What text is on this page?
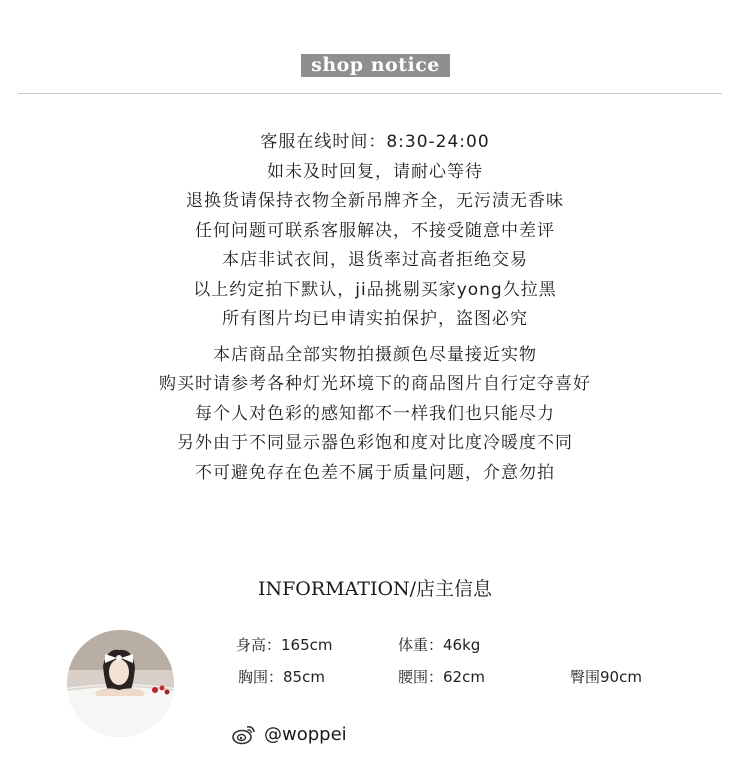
shop notice
客服在线时间：8:30-24:00
如未及时回复，请耐心等待
退换货请保持衣物全新吊牌齐全，无污渍无香味
任何问题可联系客服解决，不接受随意中差评
本店非试衣间，退货率过高者拒绝交易
以上约定拍下默认，ji品挑剔买家yong久拉黑
所有图片均已申请实拍保护，盗图必究
本店商品全部实物拍摄颜色尽量接近实物
购买时请参考各种灯光环境下的商品图片自行定夺喜好
每个人对色彩的感知都不一样我们也只能尽力
另外由于不同显示器色彩饱和度对比度冷暖度不同
不可避免存在色差不属于质量问题，介意勿拍
INFORMATION/店主信息
身高：165cm	体重：46kg
胸围：85cm	腰围：62cm	臀围90cm
@woppei
